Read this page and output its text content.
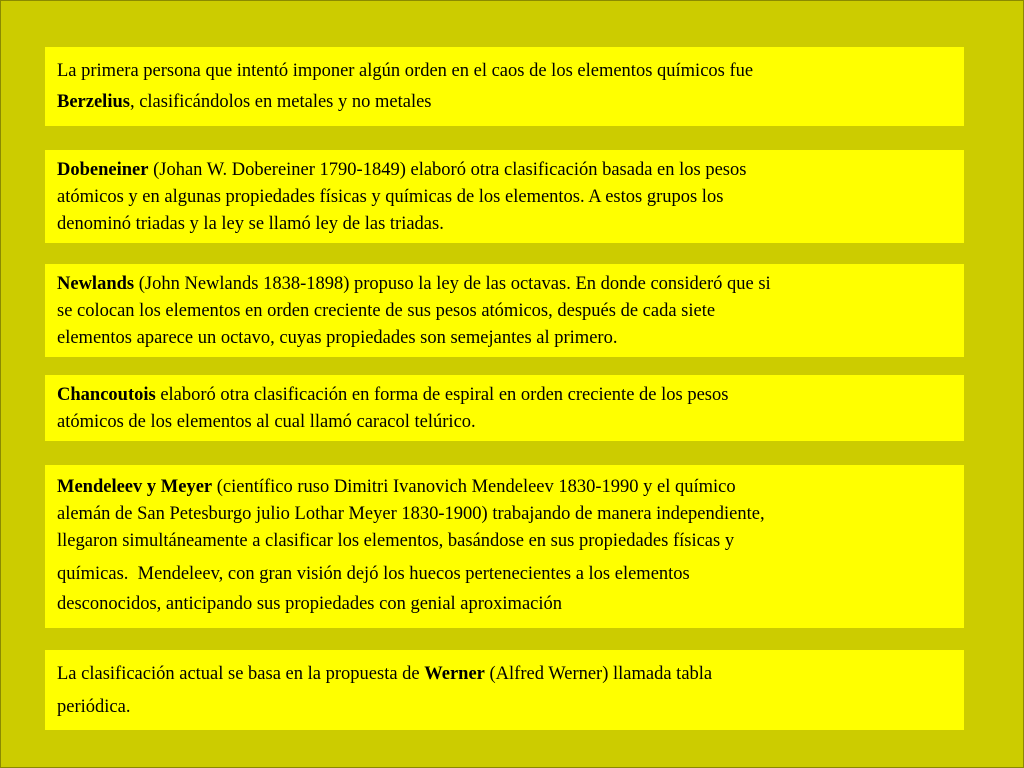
La primera persona que intentó imponer algún orden en el caos de los elementos químicos fue
Berzelius, clasificándolos en metales y no metales

Dobeneiner (Johan W. Dobereiner 1790-1849) elaboró otra clasificación basada en los pesos
atómicos y en algunas propiedades físicas y químicas de los elementos. A estos grupos los
denominó triadas y la ley se llamó ley de las triadas.

Newlands (John Newlands 1838-1898) propuso la ley de las octavas. En donde consideró que si
se colocan los elementos en orden creciente de sus pesos atómicos, después de cada siete
elementos aparece un octavo, cuyas propiedades son semejantes al primero.

Chancoutois elaboró otra clasificación en forma de espiral en orden creciente de los pesos
atómicos de los elementos al cual llamó caracol telúrico.

Mendeleev y Meyer (científico ruso Dimitri Ivanovich Mendeleev 1830-1990 y el químico
alemán de San Petesburgo julio Lothar Meyer 1830-1900) trabajando de manera independiente,
llegaron simultáneamente a clasificar los elementos, basándose en sus propiedades físicas y

químicas.  Mendeleev, con gran visión dejó los huecos pertenecientes a los elementos

desconocidos, anticipando sus propiedades con genial aproximación

La clasificación actual se basa en la propuesta de Werner (Alfred Werner) llamada tabla
periódica.
